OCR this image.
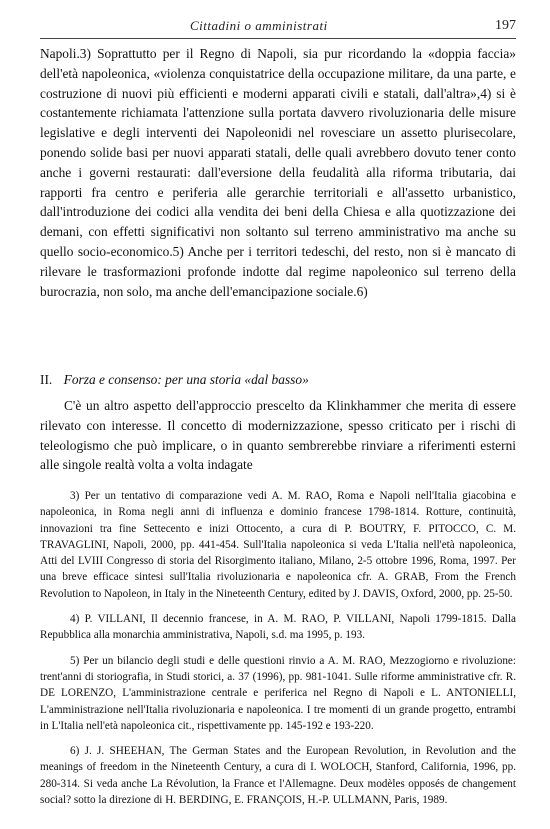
Cittadini o amministrati	197

Napoli.3) Soprattutto per il Regno di Napoli, sia pur ricordando la «doppia faccia» dell'età napoleonica, «violenza conquistatrice della occupazione militare, da una parte, e costruzione di nuovi più efficienti e moderni apparati civili e statali, dall'altra»,4) si è costantemente richiamata l'attenzione sulla portata davvero rivoluzionaria delle misure legislative e degli interventi dei Napoleonidi nel rovesciare un assetto plurisecolare, ponendo solide basi per nuovi apparati statali, delle quali avrebbero dovuto tener conto anche i governi restaurati: dall'eversione della feudalità alla riforma tributaria, dai rapporti fra centro e periferia alle gerarchie territoriali e all'assetto urbanistico, dall'introduzione dei codici alla vendita dei beni della Chiesa e alla quotizzazione dei demani, con effetti significativi non soltanto sul terreno amministrativo ma anche su quello socio-economico.5) Anche per i territori tedeschi, del resto, non si è mancato di rilevare le trasformazioni profonde indotte dal regime napoleonico sul terreno della burocrazia, non solo, ma anche dell'emancipazione sociale.6)

II. Forza e consenso: per una storia «dal basso»

C'è un altro aspetto dell'approccio prescelto da Klinkhammer che merita di essere rilevato con interesse. Il concetto di modernizzazione, spesso criticato per i rischi di teleologismo che può implicare, o in quanto sembrerebbe rinviare a riferimenti esterni alle singole realtà volta a volta indagate

3) Per un tentativo di comparazione vedi A. M. RAO, Roma e Napoli nell'Italia giacobina e napoleonica, in Roma negli anni di influenza e dominio francese 1798-1814. Rotture, continuità, innovazioni tra fine Settecento e inizi Ottocento, a cura di P. BOUTRY, F. PITOCCO, C. M. TRAVAGLINI, Napoli, 2000, pp. 441-454. Sull'Italia napoleonica si veda L'Italia nell'età napoleonica, Atti del LVIII Congresso di storia del Risorgimento italiano, Milano, 2-5 ottobre 1996, Roma, 1997. Per una breve efficace sintesi sull'Italia rivoluzionaria e napoleonica cfr. A. GRAB, From the French Revolution to Napoleon, in Italy in the Nineteenth Century, edited by J. DAVIS, Oxford, 2000, pp. 25-50.

4) P. VILLANI, Il decennio francese, in A. M. RAO, P. VILLANI, Napoli 1799-1815. Dalla Repubblica alla monarchia amministrativa, Napoli, s.d. ma 1995, p. 193.

5) Per un bilancio degli studi e delle questioni rinvio a A. M. RAO, Mezzogiorno e rivoluzione: trent'anni di storiografia, in Studi storici, a. 37 (1996), pp. 981-1041. Sulle riforme amministrative cfr. R. DE LORENZO, L'amministrazione centrale e periferica nel Regno di Napoli e L. ANTONIELLI, L'amministrazione nell'Italia rivoluzionaria e napoleonica. I tre momenti di un grande progetto, entrambi in L'Italia nell'età napoleonica cit., rispettivamente pp. 145-192 e 193-220.

6) J. J. SHEEHAN, The German States and the European Revolution, in Revolution and the meanings of freedom in the Nineteenth Century, a cura di I. WOLOCH, Stanford, California, 1996, pp. 280-314. Si veda anche La Révolution, la France et l'Allemagne. Deux modèles opposés de changement social? sotto la direzione di H. BERDING, E. FRANÇOIS, H.-P. ULLMANN, Paris, 1989.
